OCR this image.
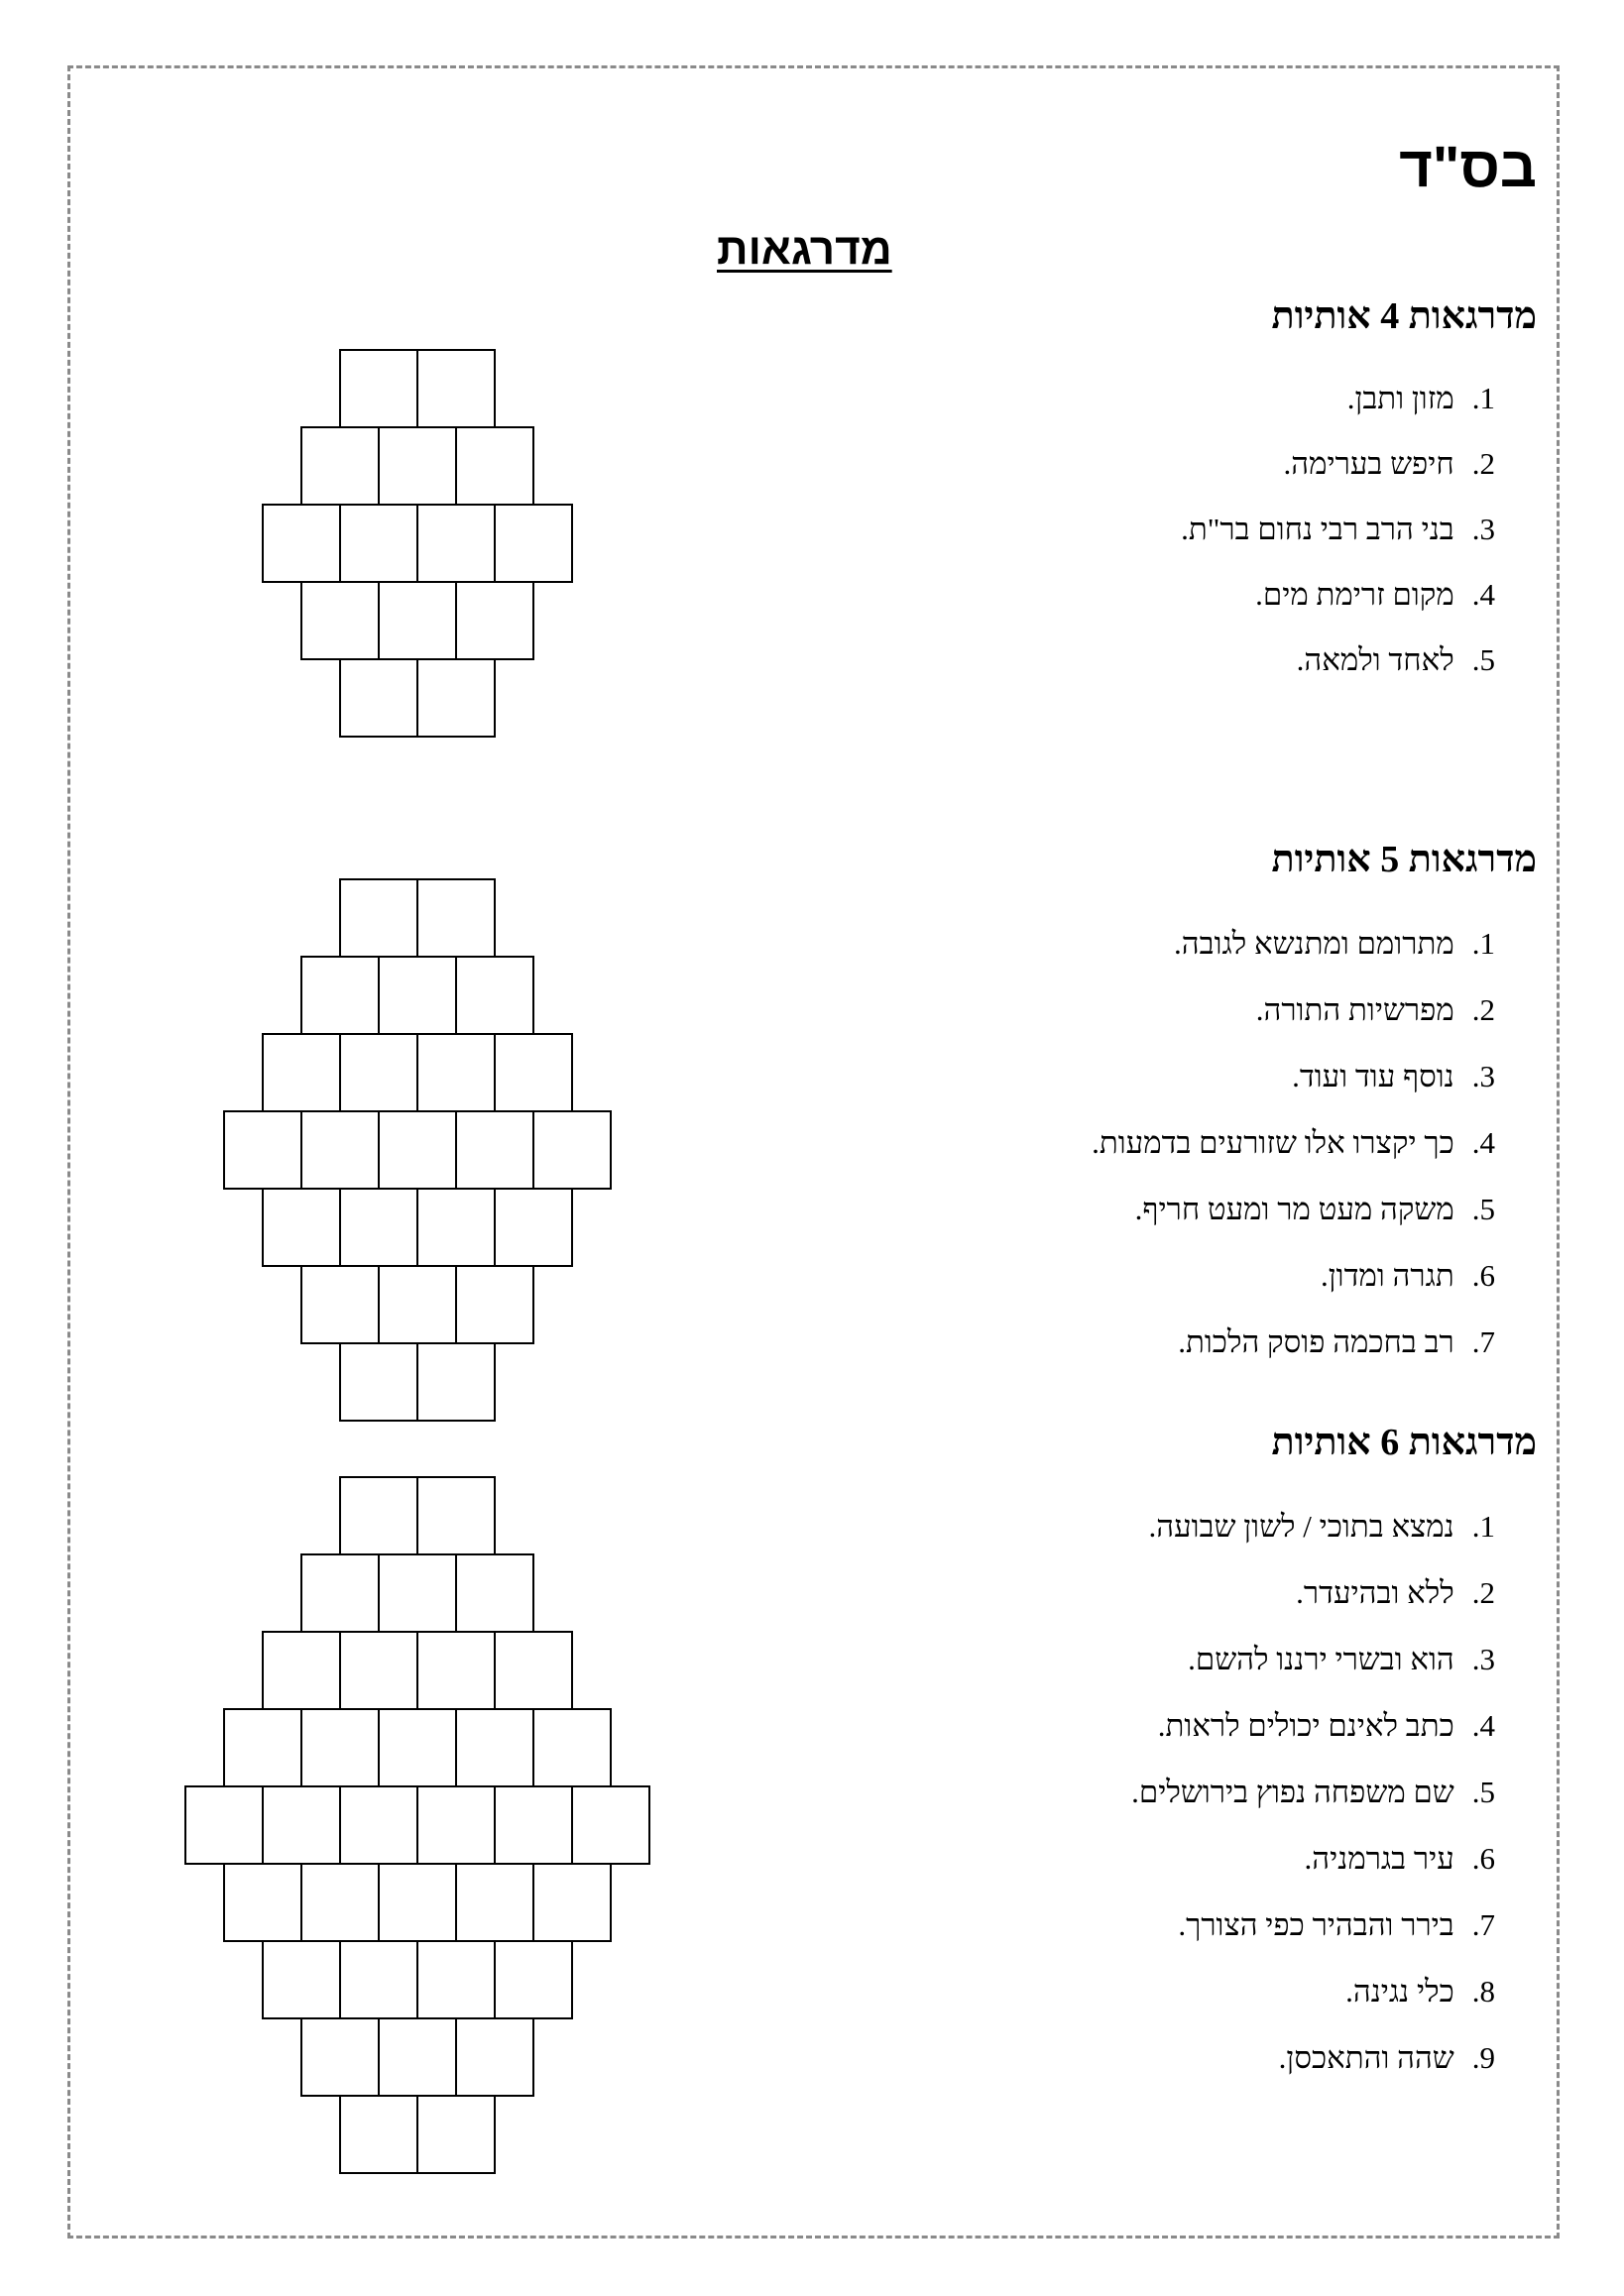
בס"ד
מדרגאות
מדרגאות 4 אותיות
1.מזון ותבן.
2.חיפש בערימה.
3.בני הרב רבי נחום בר"ת.
4.מקום זרימת מים.
5.לאחד ולמאה.
מדרגאות 5 אותיות
1.מתרומם ומתנשא לגובה.
2.מפרשיות התורה.
3.נוסף עוד ועוד.
4.כך יקצרו אלו שזורעים בדמעות.
5.משקה מעט מר ומעט חריף.
6.תגרה ומדון.
7.רב בחכמה פוסק הלכות.
מדרגאות 6 אותיות
1.נמצא בתוכי / לשון שבועה.
2.ללא ובהיעדר.
3.הוא ובשרי ירננו להשם.
4.כתב לאינם יכולים לראות.
5.שם משפחה נפוץ בירושלים.
6.עיר בגרמניה.
7.בירר והבהיר כפי הצורך.
8.כלי נגינה.
9.שהה והתאכסן.
